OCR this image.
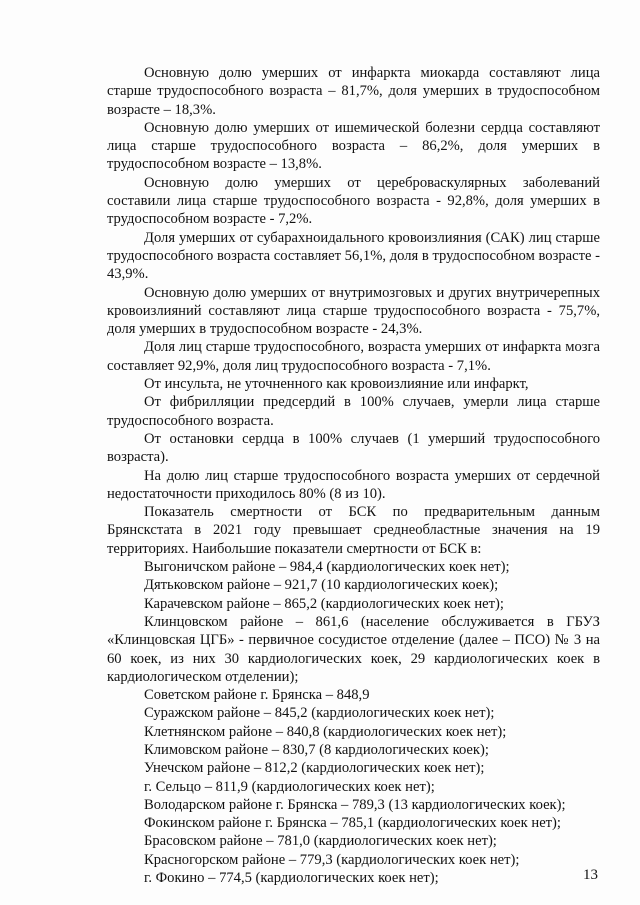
Основную долю умерших от инфаркта миокарда составляют лица старше трудоспособного возраста – 81,7%, доля умерших в трудоспособном возрасте – 18,3%.

Основную долю умерших от ишемической болезни сердца составляют лица старше трудоспособного возраста – 86,2%, доля умерших в трудоспособном возрасте – 13,8%.

Основную долю умерших от цереброваскулярных заболеваний составили лица старше трудоспособного возраста - 92,8%, доля умерших в трудоспособном возрасте - 7,2%.

Доля умерших от субарахноидального кровоизлияния (САК) лиц старше трудоспособного возраста составляет 56,1%, доля в трудоспособном возрасте - 43,9%.

Основную долю умерших от внутримозговых и других внутричерепных кровоизлияний составляют лица старше трудоспособного возраста - 75,7%, доля умерших в трудоспособном возрасте - 24,3%.

Доля лиц старше трудоспособного, возраста умерших от инфаркта мозга составляет 92,9%, доля лиц трудоспособного возраста - 7,1%.

От инсульта, не уточненного как кровоизлияние или инфаркт,

От фибрилляции предсердий в 100% случаев, умерли лица старше трудоспособного возраста.

От остановки сердца в 100% случаев (1 умерший трудоспособного возраста).

На долю лиц старше трудоспособного возраста умерших от сердечной недостаточности приходилось 80% (8 из 10).

Показатель смертности от БСК по предварительным данным Брянскстата в 2021 году превышает среднеобластные значения на 19 территориях. Наибольшие показатели смертности от БСК в:

Выгоничском районе – 984,4 (кардиологических коек нет);

Дятьковском районе – 921,7 (10 кардиологических коек);

Карачевском районе – 865,2 (кардиологических коек нет);

Клинцовском районе – 861,6 (население обслуживается в ГБУЗ «Клинцовская ЦГБ» - первичное сосудистое отделение (далее – ПСО) № 3 на 60 коек, из них 30 кардиологических коек, 29 кардиологических коек в кардиологическом отделении);

Советском районе г. Брянска – 848,9

Суражском районе – 845,2 (кардиологических коек нет);

Клетнянском районе – 840,8 (кардиологических коек нет);

Климовском районе – 830,7 (8 кардиологических коек);

Унечском районе – 812,2 (кардиологических коек нет);

г. Сельцо – 811,9 (кардиологических коек нет);

Володарском районе г. Брянска – 789,3 (13 кардиологических коек);

Фокинском районе г. Брянска – 785,1 (кардиологических коек нет);

Брасовском районе – 781,0 (кардиологических коек нет);

Красногорском районе – 779,3 (кардиологических коек нет);

г. Фокино – 774,5 (кардиологических коек нет);	13
